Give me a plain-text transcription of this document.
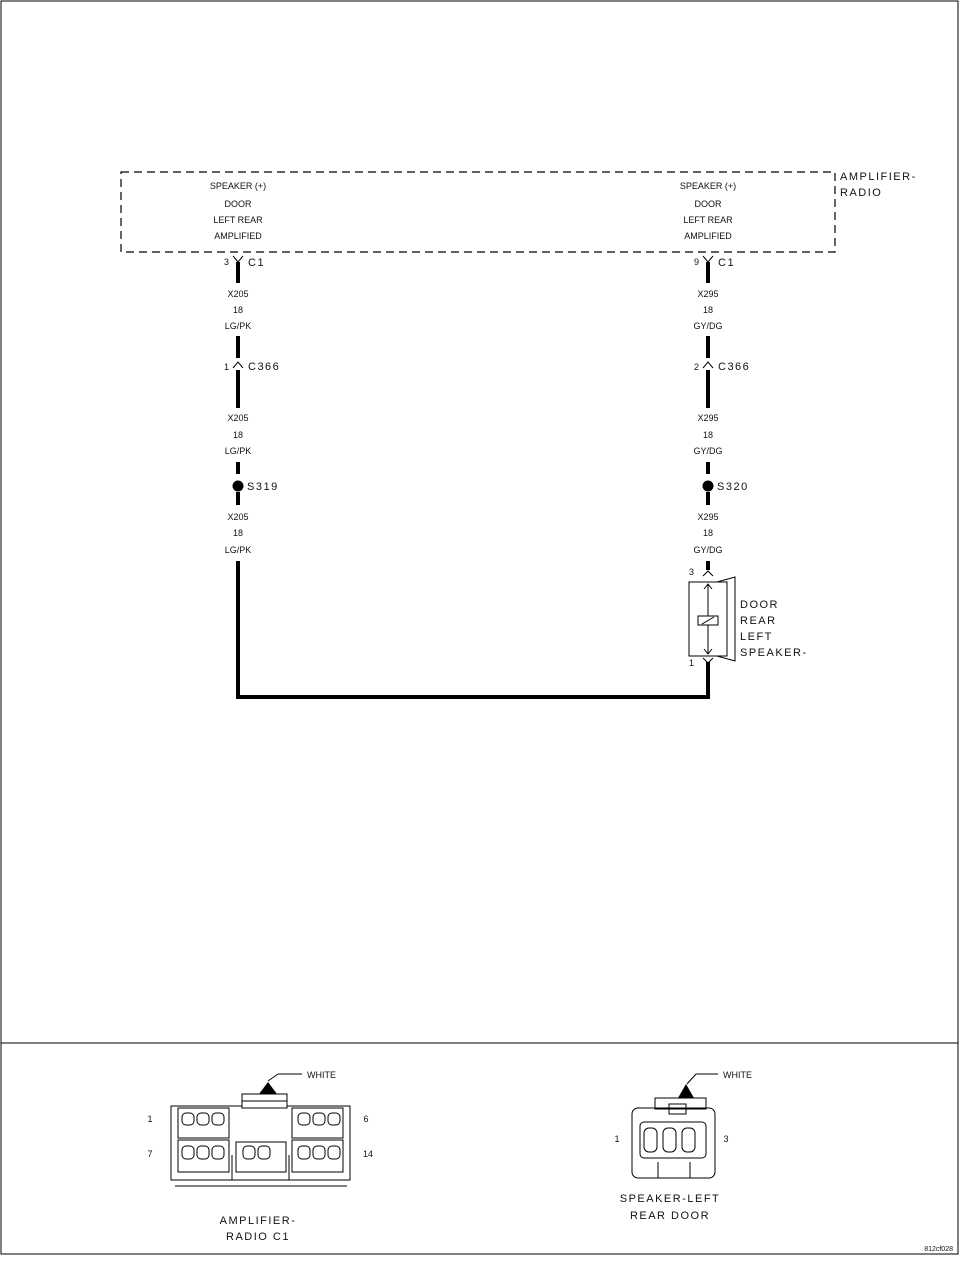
AMPLIFIER-
RADIO
SPEAKER (+)
DOOR
LEFT REAR
AMPLIFIED
3 C1
X205
18
LG/PK
1 C366
X205
18
LG/PK
S319
X205
18
LG/PK
SPEAKER (+)
DOOR
LEFT REAR
AMPLIFIED
9 C1
X295
18
GY/DG
2 C366
X295
18
GY/DG
S320
X295
18
GY/DG
3
1
DOOR
REAR
LEFT
SPEAKER-
WHITE
1	6
7	14
AMPLIFIER-
RADIO C1
WHITE
1	3
SPEAKER-LEFT
REAR DOOR
812cf028
